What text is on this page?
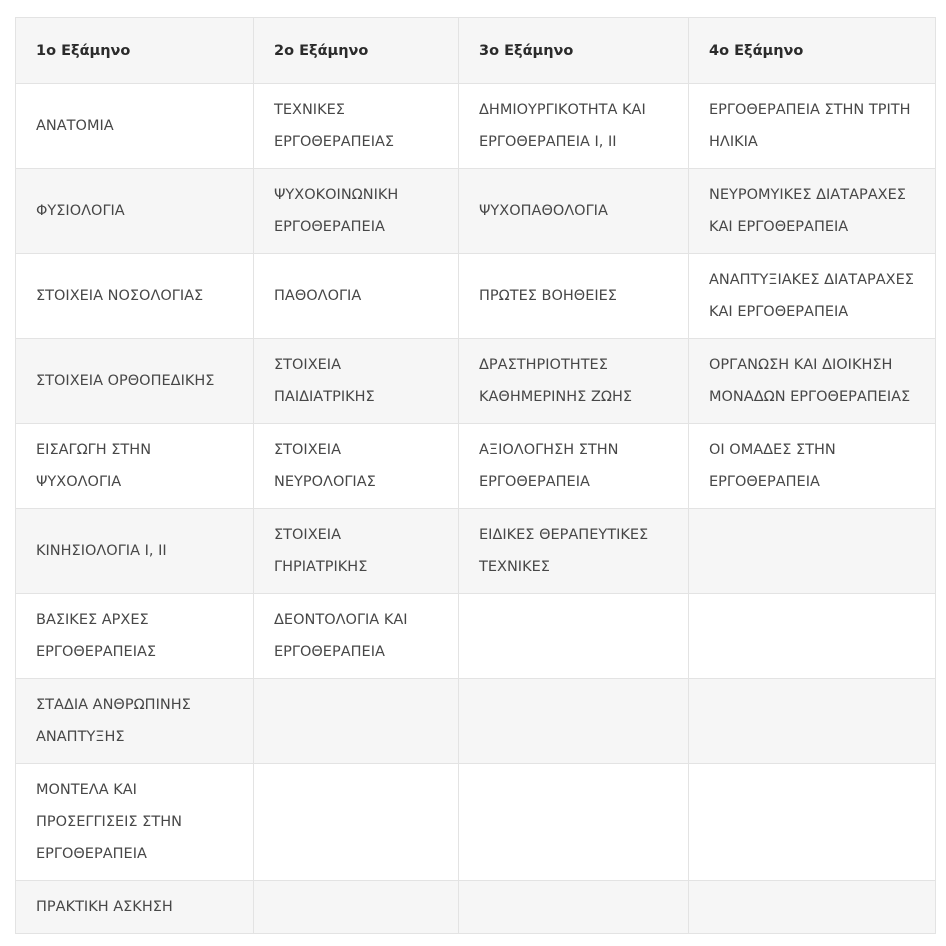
1ο Εξάμηνο	2ο Εξάμηνο	3ο Εξάμηνο	4ο Εξάμηνο
ΑΝΑΤΟΜΙΑ	ΤΕΧΝΙΚΕΣ ΕΡΓΟΘΕΡΑΠΕΙΑΣ	ΔΗΜΙΟΥΡΓΙΚΟΤΗΤΑ ΚΑΙ ΕΡΓΟΘΕΡΑΠΕΙΑ Ι, ΙΙ	ΕΡΓΟΘΕΡΑΠΕΙΑ ΣΤΗΝ ΤΡΙΤΗ ΗΛΙΚΙΑ
ΦΥΣΙΟΛΟΓΙΑ	ΨΥΧΟΚΟΙΝΩΝΙΚΗ ΕΡΓΟΘΕΡΑΠΕΙΑ	ΨΥΧΟΠΑΘΟΛΟΓΙΑ	ΝΕΥΡΟΜΥΙΚΕΣ ΔΙΑΤΑΡΑΧΕΣ ΚΑΙ ΕΡΓΟΘΕΡΑΠΕΙΑ
ΣΤΟΙΧΕΙΑ ΝΟΣΟΛΟΓΙΑΣ	ΠΑΘΟΛΟΓΙΑ	ΠΡΩΤΕΣ ΒΟΗΘΕΙΕΣ	ΑΝΑΠΤΥΞΙΑΚΕΣ ΔΙΑΤΑΡΑΧΕΣ ΚΑΙ ΕΡΓΟΘΕΡΑΠΕΙΑ
ΣΤΟΙΧΕΙΑ ΟΡΘΟΠΕΔΙΚΗΣ	ΣΤΟΙΧΕΙΑ ΠΑΙΔΙΑΤΡΙΚΗΣ	ΔΡΑΣΤΗΡΙΟΤΗΤΕΣ ΚΑΘΗΜΕΡΙΝΗΣ ΖΩΗΣ	ΟΡΓΑΝΩΣΗ ΚΑΙ ΔΙΟΙΚΗΣΗ ΜΟΝΑΔΩΝ ΕΡΓΟΘΕΡΑΠΕΙΑΣ
ΕΙΣΑΓΩΓΗ ΣΤΗΝ ΨΥΧΟΛΟΓΙΑ	ΣΤΟΙΧΕΙΑ ΝΕΥΡΟΛΟΓΙΑΣ	ΑΞΙΟΛΟΓΗΣΗ ΣΤΗΝ ΕΡΓΟΘΕΡΑΠΕΙΑ	ΟΙ ΟΜΑΔΕΣ ΣΤΗΝ ΕΡΓΟΘΕΡΑΠΕΙΑ
ΚΙΝΗΣΙΟΛΟΓΙΑ Ι, ΙΙ	ΣΤΟΙΧΕΙΑ ΓΗΡΙΑΤΡΙΚΗΣ	ΕΙΔΙΚΕΣ ΘΕΡΑΠΕΥΤΙΚΕΣ ΤΕΧΝΙΚΕΣ	
ΒΑΣΙΚΕΣ ΑΡΧΕΣ ΕΡΓΟΘΕΡΑΠΕΙΑΣ	ΔΕΟΝΤΟΛΟΓΙΑ ΚΑΙ ΕΡΓΟΘΕΡΑΠΕΙΑ		
ΣΤΑΔΙΑ ΑΝΘΡΩΠΙΝΗΣ ΑΝΑΠΤΥΞΗΣ			
ΜΟΝΤΕΛΑ ΚΑΙ ΠΡΟΣΕΓΓΙΣΕΙΣ ΣΤΗΝ ΕΡΓΟΘΕΡΑΠΕΙΑ			
ΠΡΑΚΤΙΚΗ ΑΣΚΗΣΗ			
